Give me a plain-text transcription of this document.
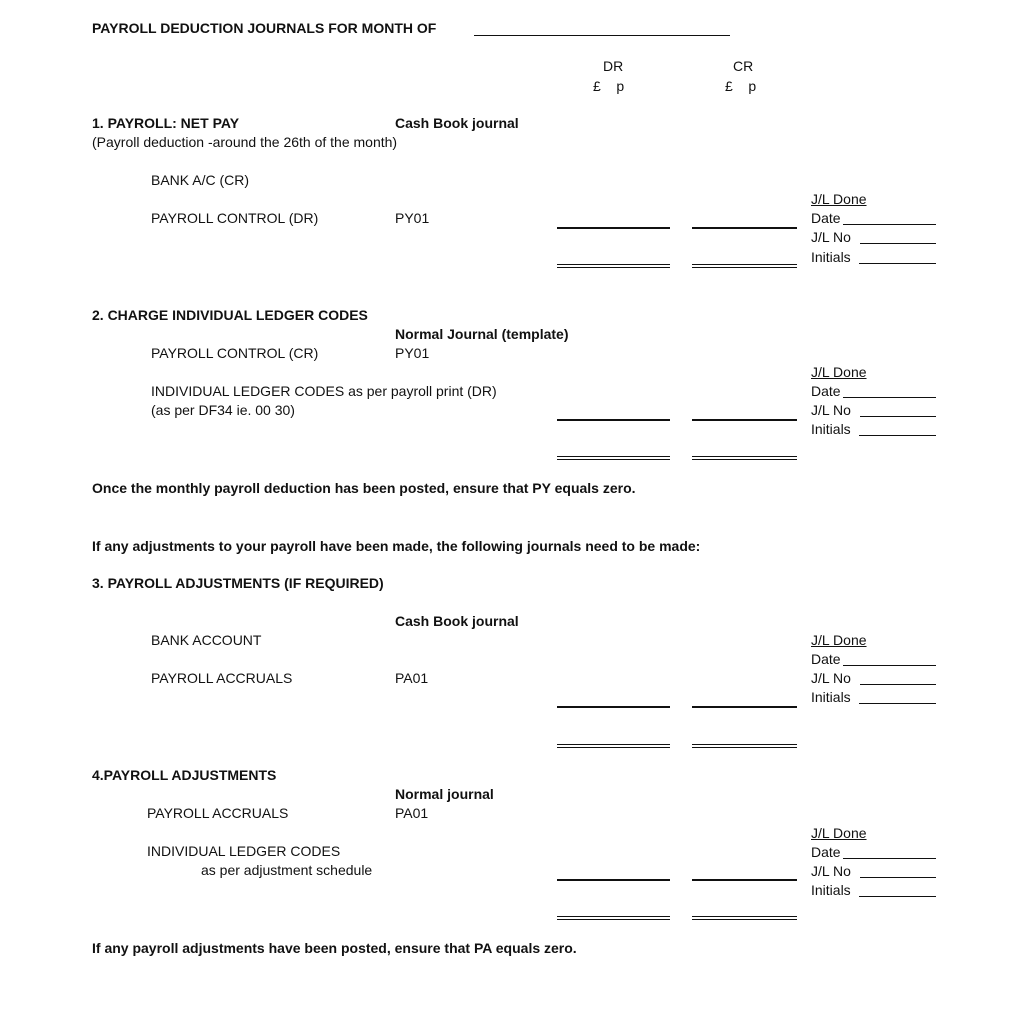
PAYROLL DEDUCTION JOURNALS FOR MONTH OF
DR
£    p
CR
£    p
1. PAYROLL: NET PAY	Cash Book journal
(Payroll deduction -around the 26th of the month)
BANK A/C (CR)
PAYROLL CONTROL (DR)	PY01
J/L Done
Date
J/L No
Initials
2. CHARGE INDIVIDUAL LEDGER CODES
Normal Journal (template)
PAYROLL CONTROL (CR)	PY01
INDIVIDUAL LEDGER CODES as per payroll print (DR)
(as per DF34 ie. 00 30)
J/L Done
Date
J/L No
Initials
Once the monthly payroll deduction has been posted, ensure that PY equals zero.
If any adjustments to your payroll have been made, the following journals need to be made:
3. PAYROLL ADJUSTMENTS (IF REQUIRED)
Cash Book journal
BANK ACCOUNT
PAYROLL ACCRUALS	PA01
J/L Done
Date
J/L No
Initials
4.PAYROLL ADJUSTMENTS
Normal journal
PAYROLL ACCRUALS	PA01
INDIVIDUAL LEDGER CODES
as per adjustment schedule
J/L Done
Date
J/L No
Initials
If any payroll adjustments have been posted, ensure that PA equals zero.
